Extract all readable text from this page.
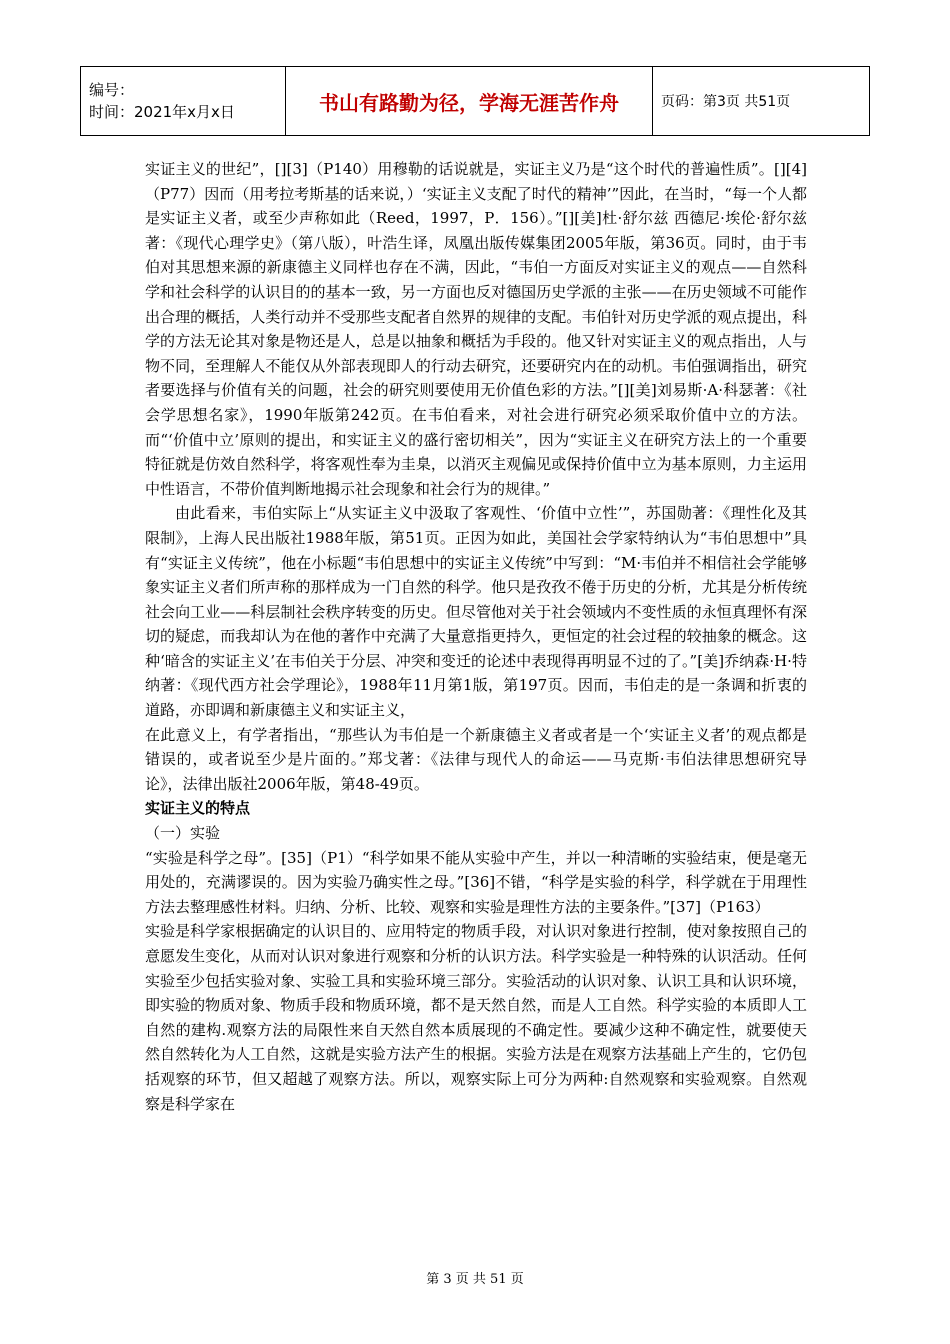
编号：
时间：2021年x月x日	书山有路勤为径，学海无涯苦作舟	页码：第3页 共51页

实证主义的世纪”，[][3]（P140）用穆勒的话说就是，实证主义乃是“这个时代的普遍性质”。[][4]（P77）因而（用考拉考斯基的话来说，）‘实证主义支配了时代的精神’”因此，在当时，“每一个人都是实证主义者，或至少声称如此（Reed，1997，P．156）。”[][美]杜·舒尔兹 西德尼·埃伦·舒尔兹著：《现代心理学史》（第八版），叶浩生译，凤凰出版传媒集团2005年版，第36页。同时，由于韦伯对其思想来源的新康德主义同样也存在不满，因此，“韦伯一方面反对实证主义的观点——自然科学和社会科学的认识目的的基本一致，另一方面也反对德国历史学派的主张——在历史领域不可能作出合理的概括，人类行动并不受那些支配者自然界的规律的支配。韦伯针对历史学派的观点提出，科学的方法无论其对象是物还是人，总是以抽象和概括为手段的。他又针对实证主义的观点指出，人与物不同，至理解人不能仅从外部表现即人的行动去研究，还要研究内在的动机。韦伯强调指出，研究者要选择与价值有关的问题，社会的研究则要使用无价值色彩的方法。”[][美]刘易斯·A·科瑟著：《社会学思想名家》，1990年版第242页。在韦伯看来，对社会进行研究必须采取价值中立的方法。而“‘价值中立’原则的提出，和实证主义的盛行密切相关”，因为“实证主义在研究方法上的一个重要特征就是仿效自然科学，将客观性奉为圭臬，以消灭主观偏见或保持价值中立为基本原则，力主运用中性语言，不带价值判断地揭示社会现象和社会行为的规律。”

由此看来，韦伯实际上“从实证主义中汲取了客观性、‘价值中立性’”，苏国勋著：《理性化及其限制》，上海人民出版社1988年版，第51页。正因为如此，美国社会学家特纳认为“韦伯思想中”具有“实证主义传统”，他在小标题“韦伯思想中的实证主义传统”中写到：“M·韦伯并不相信社会学能够象实证主义者们所声称的那样成为一门自然的科学。他只是孜孜不倦于历史的分析，尤其是分析传统社会向工业——科层制社会秩序转变的历史。但尽管他对关于社会领域内不变性质的永恒真理怀有深切的疑虑，而我却认为在他的著作中充满了大量意指更持久，更恒定的社会过程的较抽象的概念。这种‘暗含的实证主义’在韦伯关于分层、冲突和变迁的论述中表现得再明显不过的了。”[美]乔纳森·H·特纳著：《现代西方社会学理论》，1988年11月第1版，第197页。因而，韦伯走的是一条调和折衷的道路，亦即调和新康德主义和实证主义，

在此意义上，有学者指出，“那些认为韦伯是一个新康德主义者或者是一个‘实证主义者’的观点都是错误的，或者说至少是片面的。”郑戈著：《法律与现代人的命运——马克斯·韦伯法律思想研究导论》，法律出版社2006年版，第48-49页。

实证主义的特点

（一）实验

“实验是科学之母”。[35]（P1）“科学如果不能从实验中产生，并以一种清晰的实验结束，便是毫无用处的，充满谬误的。因为实验乃确实性之母。”[36]不错，“科学是实验的科学，科学就在于用理性方法去整理感性材料。归纳、分析、比较、观察和实验是理性方法的主要条件。”[37]（P163）

实验是科学家根据确定的认识目的、应用特定的物质手段，对认识对象进行控制，使对象按照自己的意愿发生变化，从而对认识对象进行观察和分析的认识方法。科学实验是一种特殊的认识活动。任何实验至少包括实验对象、实验工具和实验环境三部分。实验活动的认识对象、认识工具和认识环境，即实验的物质对象、物质手段和物质环境，都不是天然自然，而是人工自然。科学实验的本质即人工自然的建构.观察方法的局限性来自天然自然本质展现的不确定性。要减少这种不确定性，就要使天然自然转化为人工自然，这就是实验方法产生的根据。实验方法是在观察方法基础上产生的，它仍包括观察的环节，但又超越了观察方法。所以，观察实际上可分为两种:自然观察和实验观察。自然观察是科学家在

第 3 页 共 51 页
